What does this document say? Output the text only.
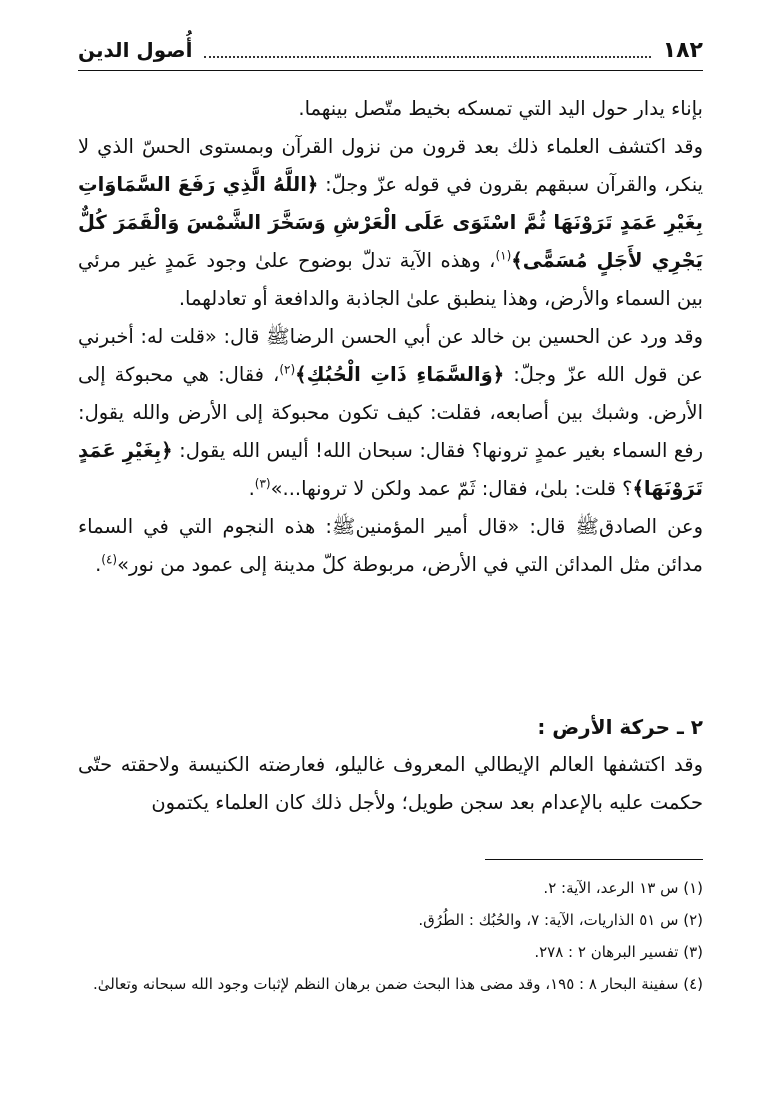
أُصول الدين	١٨٢

بإناء يدار حول اليد التي تمسكه بخيط متّصل بينهما.

وقد اكتشف العلماء ذلك بعد قرون من نزول القرآن وبمستوى الحسّ الذي لا ينكر، والقرآن سبقهم بقرون في قوله عزّ وجلّ: ﴿اللَّهُ الَّذِي رَفَعَ السَّمَاوَاتِ بِغَيْرِ عَمَدٍ تَرَوْنَهَا ثُمَّ اسْتَوَى عَلَى الْعَرْشِ وَسَخَّرَ الشَّمْسَ وَالْقَمَرَ كُلٌّ يَجْرِي لأَجَلٍ مُسَمًّى﴾$^{(١)}$، وهذه الآية تدلّ بوضوح علىٰ وجود عَمدٍ غير مرئي بين السماء والأرض، وهذا ينطبق علىٰ الجاذبة والدافعة أو تعادلهما.

وقد ورد عن الحسين بن خالد عن أبي الحسن الرضاﷺ قال: «قلت له: أخبرني عن قول الله عزّ وجلّ: ﴿وَالسَّمَاءِ ذَاتِ الْحُبُكِ﴾$^{(٢)}$، فقال: هي محبوكة إلى الأرض. وشبك بين أصابعه، فقلت: كيف تكون محبوكة إلى الأرض والله يقول: رفع السماء بغير عمدٍ ترونها؟ فقال: سبحان الله! أليس الله يقول: ﴿بِغَيْرِ عَمَدٍ تَرَوْنَهَا﴾؟ قلت: بلىٰ، فقال: ثَمّ عمد ولكن لا ترونها...»$^{(٣)}$.

وعن الصادقﷺ قال: «قال أمير المؤمنينﷺ: هذه النجوم التي في السماء مدائن مثل المدائن التي في الأرض، مربوطة كلّ مدينة إلى عمود من نور»$^{(٤)}$.

٢ ـ حركة الأرض :

وقد اكتشفها العالم الإيطالي المعروف غاليلو، فعارضته الكنيسة ولاحقته حتّى حكمت عليه بالإعدام بعد سجن طويل؛ ولأجل ذلك كان العلماء يكتمون

(١) س ١٣ الرعد، الآية: ٢.
(٢) س ٥١ الذاريات، الآية: ٧، والحُبُك : الطُرُق.
(٣) تفسير البرهان ٢ : ٢٧٨.
(٤) سفينة البحار ٨ : ١٩٥، وقد مضى هذا البحث ضمن برهان النظم لإثبات وجود الله سبحانه وتعالىٰ.
